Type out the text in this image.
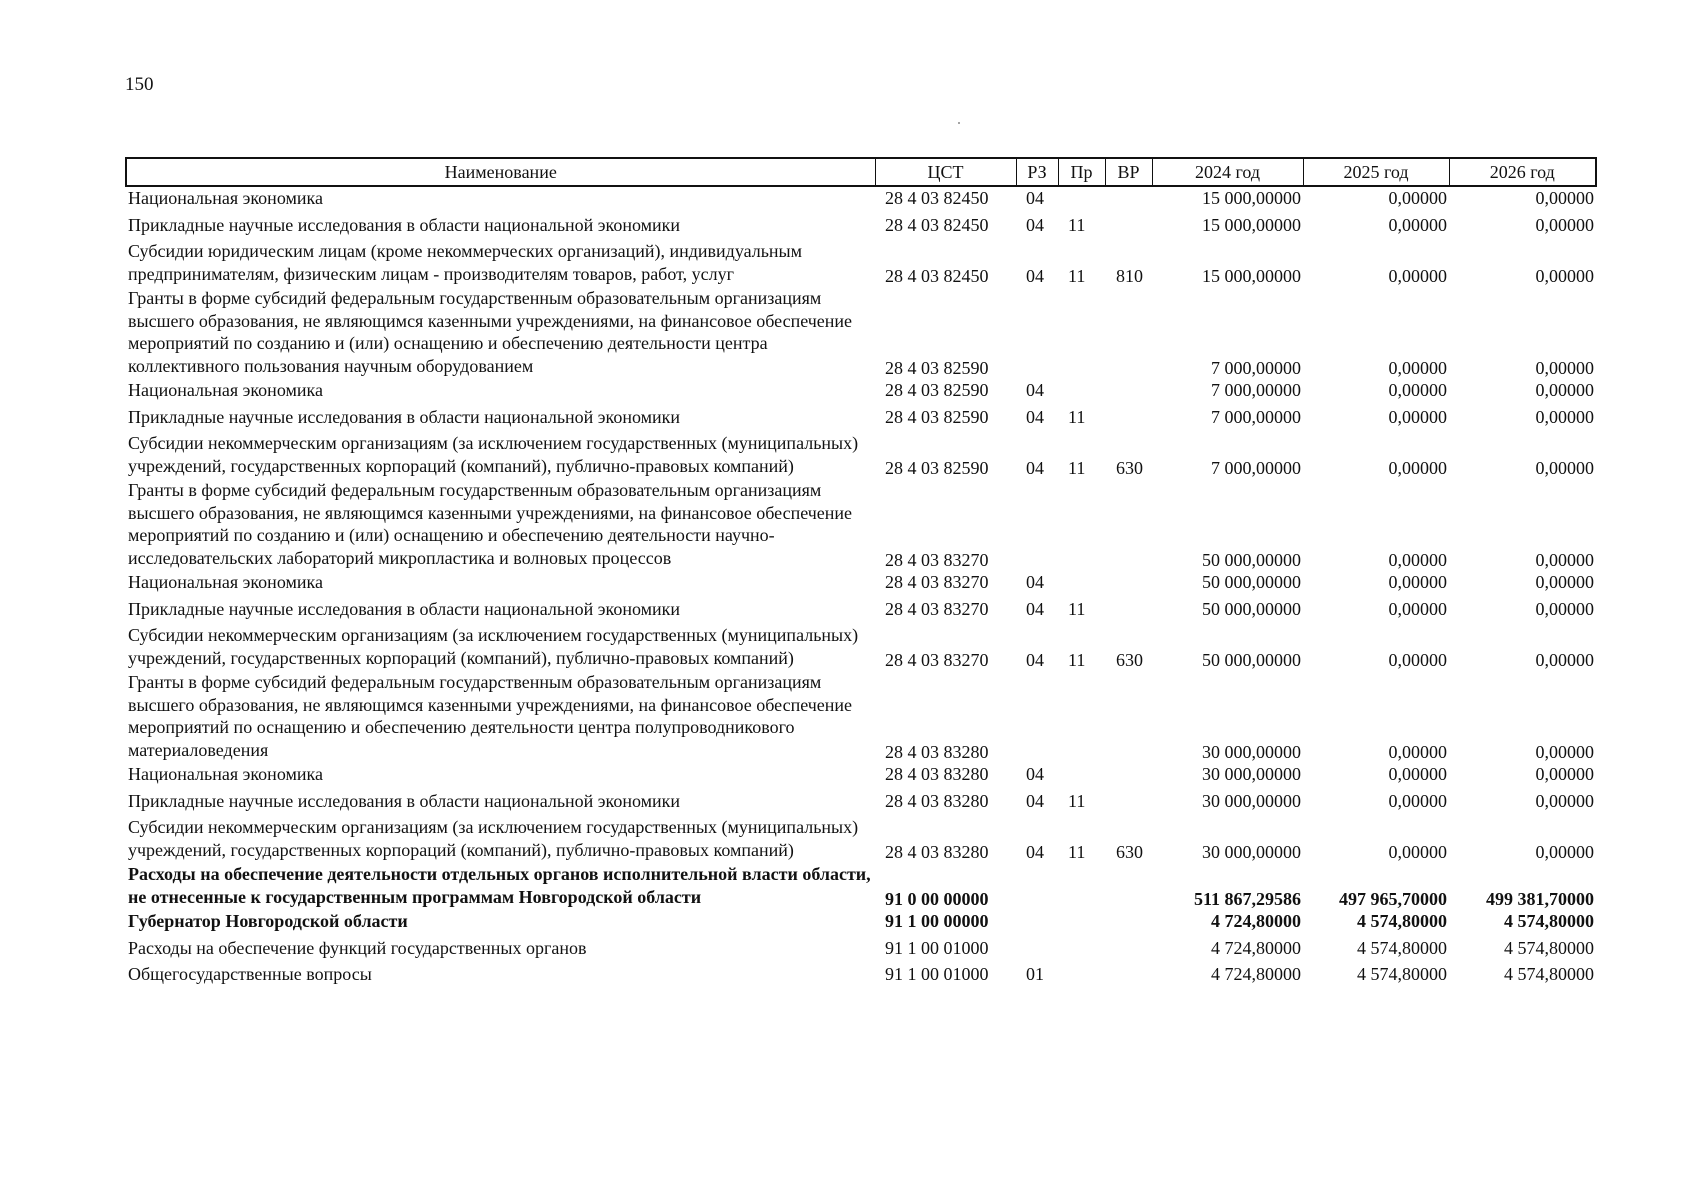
150
Наименование	ЦСТ	РЗ	Пр	ВР	2024 год	2025 год	2026 год
Национальная экономика	28 4 03 82450	04			15 000,00000	0,00000	0,00000
Прикладные научные исследования в области национальной экономики	28 4 03 82450	04	11		15 000,00000	0,00000	0,00000
Субсидии юридическим лицам (кроме некоммерческих организаций), индивидуальным предпринимателям, физическим лицам - производителям товаров, работ, услуг	28 4 03 82450	04	11	810	15 000,00000	0,00000	0,00000
Гранты в форме субсидий федеральным государственным образовательным организациям высшего образования, не являющимся казенными учреждениями, на финансовое обеспечение мероприятий по созданию и (или) оснащению и обеспечению деятельности центра коллективного пользования научным оборудованием	28 4 03 82590				7 000,00000	0,00000	0,00000
Национальная экономика	28 4 03 82590	04			7 000,00000	0,00000	0,00000
Прикладные научные исследования в области национальной экономики	28 4 03 82590	04	11		7 000,00000	0,00000	0,00000
Субсидии некоммерческим организациям (за исключением государственных (муниципальных) учреждений, государственных корпораций (компаний), публично-правовых компаний)	28 4 03 82590	04	11	630	7 000,00000	0,00000	0,00000
Гранты в форме субсидий федеральным государственным образовательным организациям высшего образования, не являющимся казенными учреждениями, на финансовое обеспечение мероприятий по созданию и (или) оснащению и обеспечению деятельности научно-исследовательских лабораторий микропластика и волновых процессов	28 4 03 83270				50 000,00000	0,00000	0,00000
Национальная экономика	28 4 03 83270	04			50 000,00000	0,00000	0,00000
Прикладные научные исследования в области национальной экономики	28 4 03 83270	04	11		50 000,00000	0,00000	0,00000
Субсидии некоммерческим организациям (за исключением государственных (муниципальных) учреждений, государственных корпораций (компаний), публично-правовых компаний)	28 4 03 83270	04	11	630	50 000,00000	0,00000	0,00000
Гранты в форме субсидий федеральным государственным образовательным организациям высшего образования, не являющимся казенными учреждениями, на финансовое обеспечение мероприятий по оснащению и обеспечению деятельности центра полупроводникового материаловедения	28 4 03 83280				30 000,00000	0,00000	0,00000
Национальная экономика	28 4 03 83280	04			30 000,00000	0,00000	0,00000
Прикладные научные исследования в области национальной экономики	28 4 03 83280	04	11		30 000,00000	0,00000	0,00000
Субсидии некоммерческим организациям (за исключением государственных (муниципальных) учреждений, государственных корпораций (компаний), публично-правовых компаний)	28 4 03 83280	04	11	630	30 000,00000	0,00000	0,00000
Расходы на обеспечение деятельности отдельных органов исполнительной власти области, не отнесенные к государственным программам Новгородской области	91 0 00 00000				511 867,29586	497 965,70000	499 381,70000
Губернатор Новгородской области	91 1 00 00000				4 724,80000	4 574,80000	4 574,80000
Расходы на обеспечение функций государственных органов	91 1 00 01000				4 724,80000	4 574,80000	4 574,80000
Общегосударственные вопросы	91 1 00 01000	01			4 724,80000	4 574,80000	4 574,80000
